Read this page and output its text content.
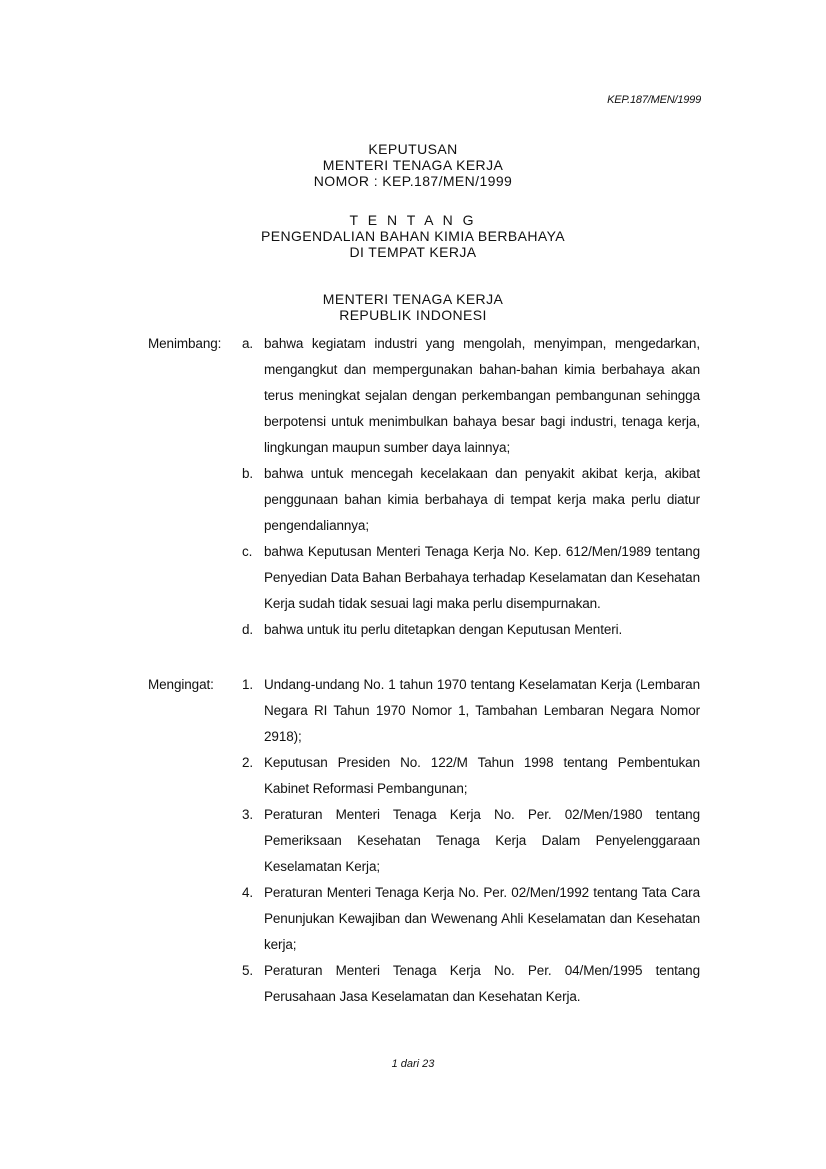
KEP.187/MEN/1999
KEPUTUSAN
MENTERI TENAGA KERJA
NOMOR : KEP.187/MEN/1999
T E N T A N G
PENGENDALIAN BAHAN KIMIA BERBAHAYA
DI TEMPAT KERJA
MENTERI TENAGA KERJA
REPUBLIK INDONESI
Menimbang: a. bahwa kegiatam industri yang mengolah, menyimpan, mengedarkan, mengangkut dan mempergunakan bahan-bahan kimia berbahaya akan terus meningkat sejalan dengan perkembangan pembangunan sehingga berpotensi untuk menimbulkan bahaya besar bagi industri, tenaga kerja, lingkungan maupun sumber daya lainnya;
b. bahwa untuk mencegah kecelakaan dan penyakit akibat kerja, akibat penggunaan bahan kimia berbahaya di tempat kerja maka perlu diatur pengendaliannya;
c. bahwa Keputusan Menteri Tenaga Kerja No. Kep. 612/Men/1989 tentang Penyedian Data Bahan Berbahaya terhadap Keselamatan dan Kesehatan Kerja sudah tidak sesuai lagi maka perlu disempurnakan.
d. bahwa untuk itu perlu ditetapkan dengan Keputusan Menteri.
Mengingat: 1. Undang-undang No. 1 tahun 1970 tentang Keselamatan Kerja (Lembaran Negara RI Tahun 1970 Nomor 1, Tambahan Lembaran Negara Nomor 2918);
2. Keputusan Presiden No. 122/M Tahun 1998 tentang Pembentukan Kabinet Reformasi Pembangunan;
3. Peraturan Menteri Tenaga Kerja No. Per. 02/Men/1980 tentang Pemeriksaan Kesehatan Tenaga Kerja Dalam Penyelenggaraan Keselamatan Kerja;
4. Peraturan Menteri Tenaga Kerja No. Per. 02/Men/1992 tentang Tata Cara Penunjukan Kewajiban dan Wewenang Ahli Keselamatan dan Kesehatan kerja;
5. Peraturan Menteri Tenaga Kerja No. Per. 04/Men/1995 tentang Perusahaan Jasa Keselamatan dan Kesehatan Kerja.
1 dari 23
